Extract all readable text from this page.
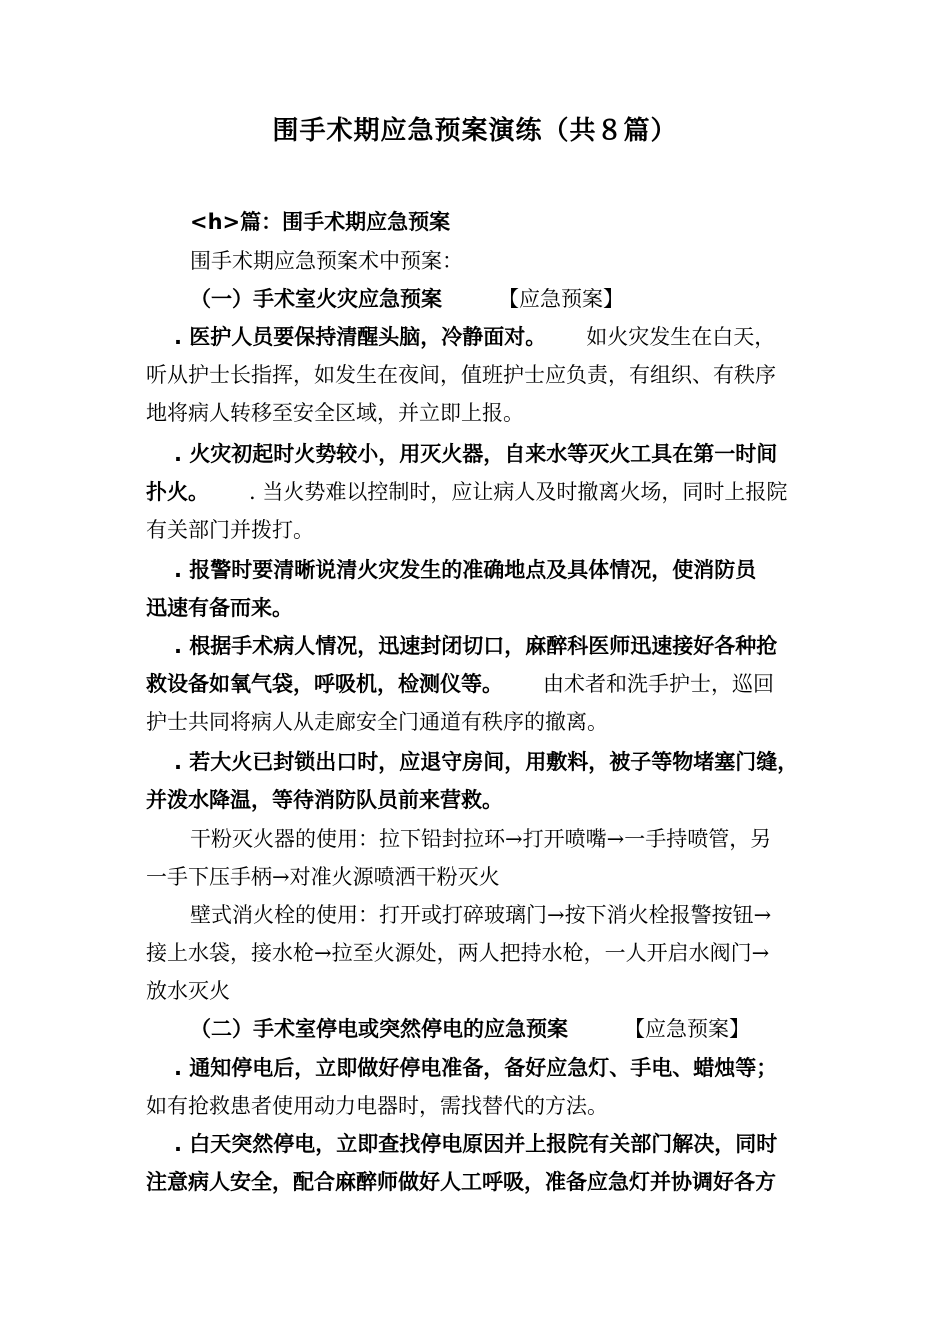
围手术期应急预案演练（共８篇）
<h>篇：围手术期应急预案
围手术期应急预案术中预案：
（一）手术室火灾应急预案	【应急预案】
. 医护人员要保持清醒头脑，冷静面对。 如火灾发生在白天，
听从护士长指挥，如发生在夜间，值班护士应负责，有组织、有秩序
地将病人转移至安全区域，并立即上报。
. 火灾初起时火势较小，用灭火器，自来水等灭火工具在第一时间
扑火。 . 当火势难以控制时，应让病人及时撤离火场，同时上报院
有关部门并拨打。
. 报警时要清晰说清火灾发生的准确地点及具体情况，使消防员
迅速有备而来。
. 根据手术病人情况，迅速封闭切口，麻醉科医师迅速接好各种抢
救设备如氧气袋，呼吸机，检测仪等。 由术者和洗手护士，巡回
护士共同将病人从走廊安全门通道有秩序的撤离。
. 若大火已封锁出口时，应退守房间，用敷料，被子等物堵塞门缝，
并泼水降温，等待消防队员前来营救。
干粉灭火器的使用：拉下铅封拉环→打开喷嘴→一手持喷管，另
一手下压手柄→对准火源喷洒干粉灭火
壁式消火栓的使用：打开或打碎玻璃门→按下消火栓报警按钮→
接上水袋，接水枪→拉至火源处，两人把持水枪，一人开启水阀门→
放水灭火
（二）手术室停电或突然停电的应急预案	【应急预案】
. 通知停电后，立即做好停电准备，备好应急灯、手电、蜡烛等；
如有抢救患者使用动力电器时，需找替代的方法。
. 白天突然停电，立即查找停电原因并上报院有关部门解决，同时
注意病人安全，配合麻醉师做好人工呼吸，准备应急灯并协调好各方
